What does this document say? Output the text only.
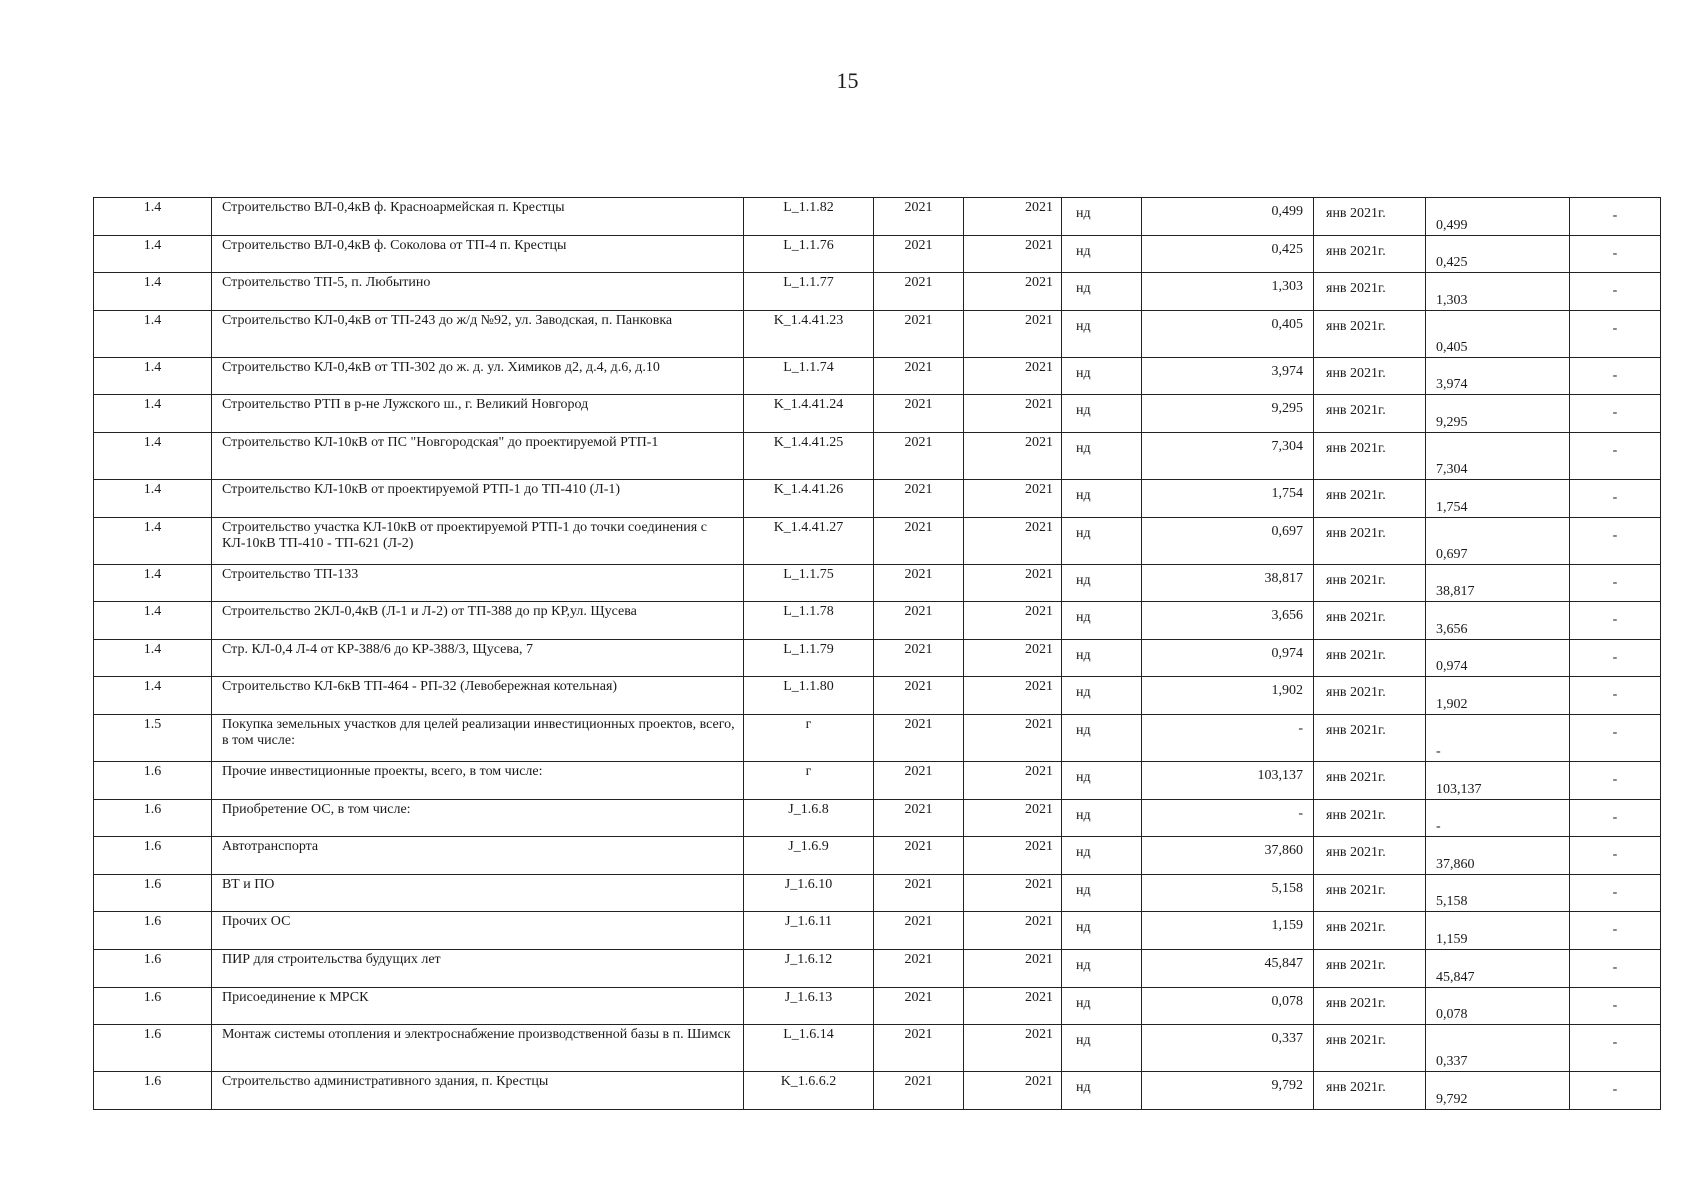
15
1.4	Строительство ВЛ-0,4кВ ф. Красноармейская п. Крестцы	L_1.1.82	2021	2021	нд	0,499	янв 2021г.	0,499	-
1.4	Строительство ВЛ-0,4кВ ф. Соколова от ТП-4 п. Крестцы	L_1.1.76	2021	2021	нд	0,425	янв 2021г.	0,425	-
1.4	Строительство ТП-5, п. Любытино	L_1.1.77	2021	2021	нд	1,303	янв 2021г.	1,303	-
1.4	Строительство КЛ-0,4кВ от ТП-243 до ж/д №92, ул. Заводская, п. Панковка	K_1.4.41.23	2021	2021	нд	0,405	янв 2021г.	0,405	-
1.4	Строительство КЛ-0,4кВ от ТП-302 до ж. д. ул. Химиков д2, д.4, д.6, д.10	L_1.1.74	2021	2021	нд	3,974	янв 2021г.	3,974	-
1.4	Строительство РТП в р-не Лужского ш., г. Великий Новгород	K_1.4.41.24	2021	2021	нд	9,295	янв 2021г.	9,295	-
1.4	Строительство КЛ-10кВ от ПС "Новгородская" до проектируемой РТП-1	K_1.4.41.25	2021	2021	нд	7,304	янв 2021г.	7,304	-
1.4	Строительство КЛ-10кВ от проектируемой РТП-1 до ТП-410 (Л-1)	K_1.4.41.26	2021	2021	нд	1,754	янв 2021г.	1,754	-
1.4	Строительство участка КЛ-10кВ от проектируемой РТП-1 до точки соединения с КЛ-10кВ ТП-410 - ТП-621 (Л-2)	K_1.4.41.27	2021	2021	нд	0,697	янв 2021г.	0,697	-
1.4	Строительство ТП-133	L_1.1.75	2021	2021	нд	38,817	янв 2021г.	38,817	-
1.4	Строительство 2КЛ-0,4кВ (Л-1 и Л-2) от ТП-388 до пр КР,ул. Щусева	L_1.1.78	2021	2021	нд	3,656	янв 2021г.	3,656	-
1.4	Стр. КЛ-0,4 Л-4 от КР-388/6 до КР-388/3, Щусева, 7	L_1.1.79	2021	2021	нд	0,974	янв 2021г.	0,974	-
1.4	Строительство КЛ-6кВ ТП-464 - РП-32 (Левобережная котельная)	L_1.1.80	2021	2021	нд	1,902	янв 2021г.	1,902	-
1.5	Покупка земельных участков для целей реализации инвестиционных проектов, всего, в том числе:	г	2021	2021	нд	-	янв 2021г.	-	-
1.6	Прочие инвестиционные проекты, всего, в том числе:	г	2021	2021	нд	103,137	янв 2021г.	103,137	-
1.6	Приобретение ОС, в том числе:	J_1.6.8	2021	2021	нд	-	янв 2021г.	-	-
1.6	Автотранспорта	J_1.6.9	2021	2021	нд	37,860	янв 2021г.	37,860	-
1.6	ВТ и ПО	J_1.6.10	2021	2021	нд	5,158	янв 2021г.	5,158	-
1.6	Прочих ОС	J_1.6.11	2021	2021	нд	1,159	янв 2021г.	1,159	-
1.6	ПИР для строительства будущих лет	J_1.6.12	2021	2021	нд	45,847	янв 2021г.	45,847	-
1.6	Присоединение к МРСК	J_1.6.13	2021	2021	нд	0,078	янв 2021г.	0,078	-
1.6	Монтаж системы отопления и электроснабжение производственной базы в п. Шимск	L_1.6.14	2021	2021	нд	0,337	янв 2021г.	0,337	-
1.6	Строительство административного здания, п. Крестцы	K_1.6.6.2	2021	2021	нд	9,792	янв 2021г.	9,792	-
